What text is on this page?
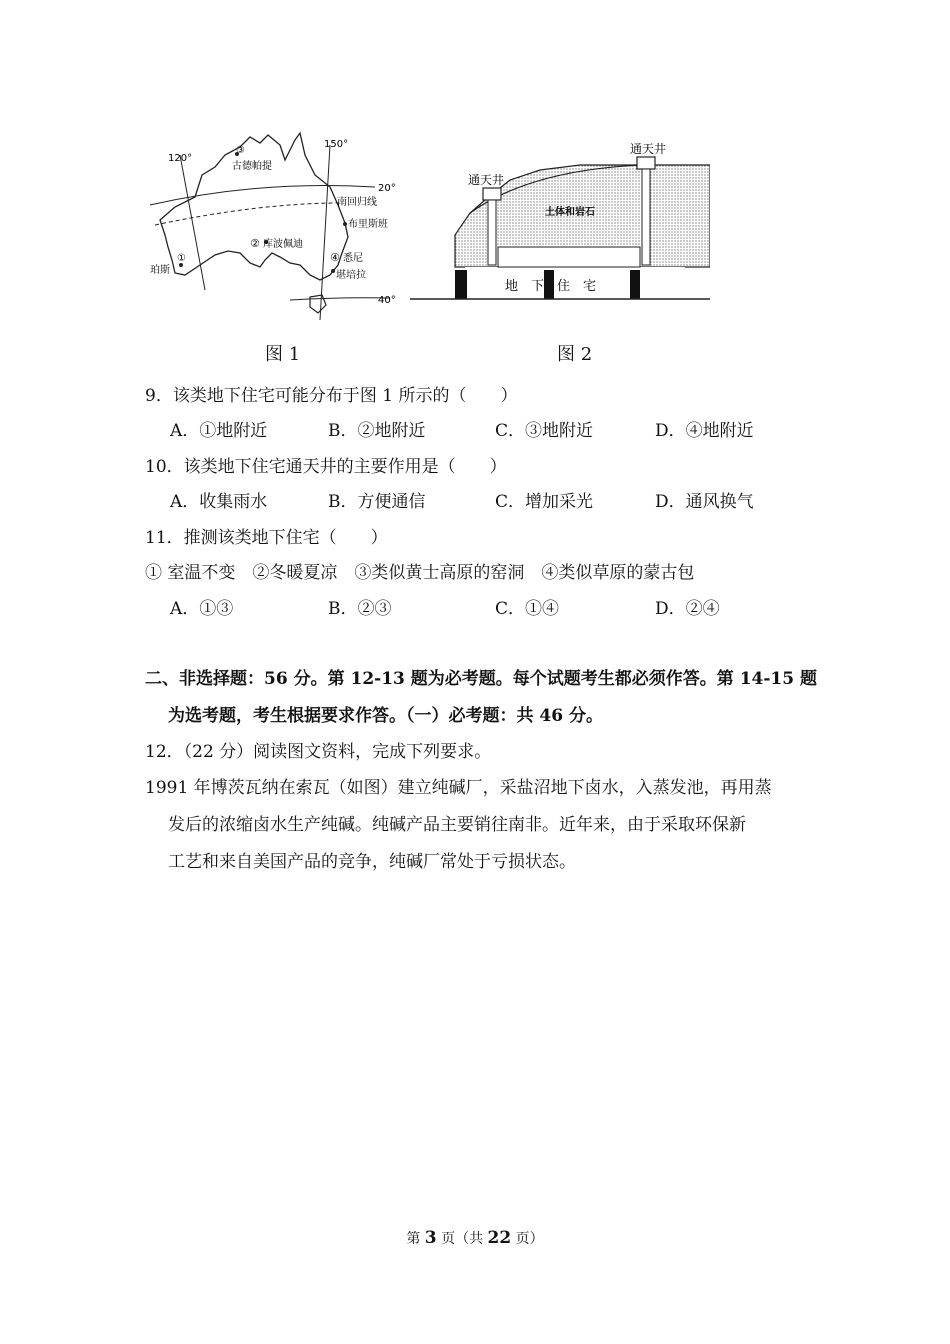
120°
150°
20°
40°
南回归线
③
古德帕提
①
珀斯
② 库波佩迪
布里斯班
④ 悉尼
堪培拉
通天井
通天井
土体和岩石
地　下　住　宅
图 1	图 2
9．该类地下住宅可能分布于图 1 所示的（　　）
A．①地附近	B．②地附近	C．③地附近	D．④地附近
10．该类地下住宅通天井的主要作用是（　　）
A．收集雨水	B．方便通信	C．增加采光	D．通风换气
11．推测该类地下住宅（　　）
① 室温不变　②冬暖夏凉　③类似黄士高原的窑洞　④类似草原的蒙古包
A．①③	B．②③	C．①④	D．②④
二、非选择题：56 分。第 12-13 题为必考题。每个试题考生都必须作答。第 14-15 题
为选考题，考生根据要求作答。（一）必考题：共 46 分。
12．（22 分）阅读图文资料，完成下列要求。
1991 年博茨瓦纳在索瓦（如图）建立纯碱厂，采盐沼地下卤水，入蒸发池，再用蒸
发后的浓缩卤水生产纯碱。纯碱产品主要销往南非。近年来，由于采取环保新
工艺和来自美国产品的竞争，纯碱厂常处于亏损状态。
第 3 页（共 22 页）
